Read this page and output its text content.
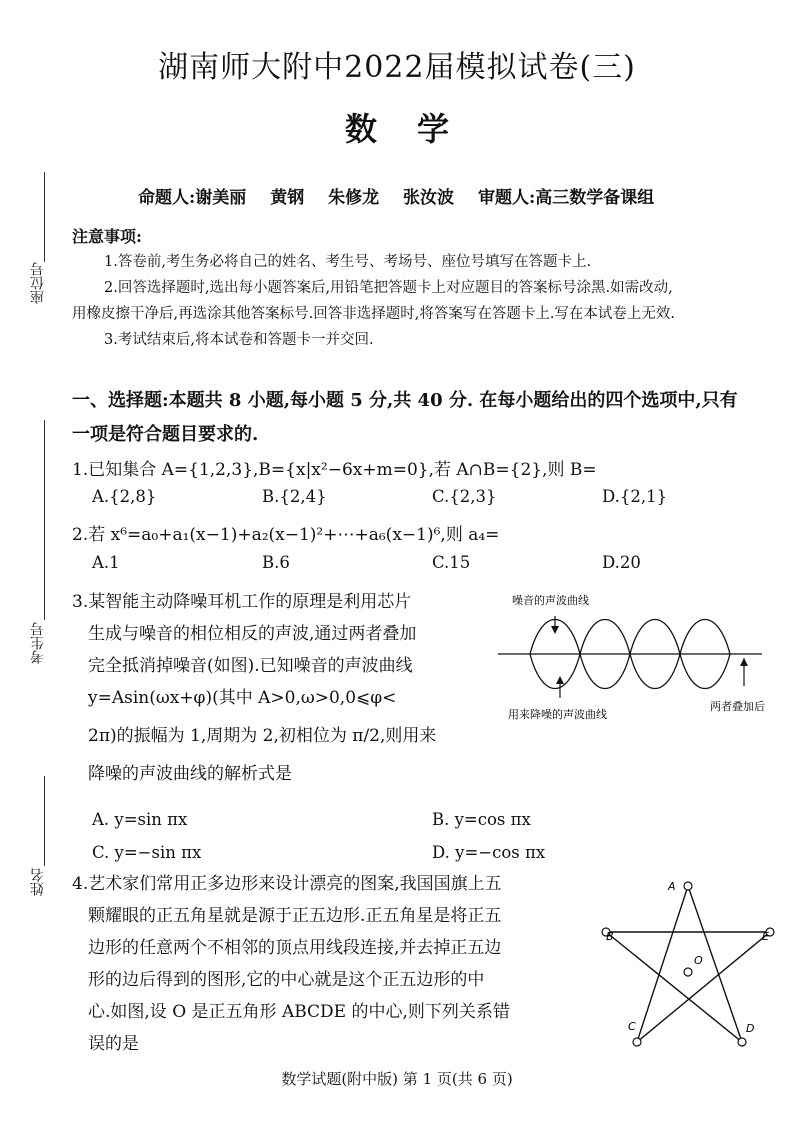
座位号
考生号
姓名
湖南师大附中2022届模拟试卷(三)
数学
命题人:谢美丽 黄钢 朱修龙 张汝波 审题人:高三数学备课组
注意事项:
1.答卷前,考生务必将自己的姓名、考生号、考场号、座位号填写在答题卡上.
2.回答选择题时,选出每小题答案后,用铅笔把答题卡上对应题目的答案标号涂黑.如需改动,
用橡皮擦干净后,再选涂其他答案标号.回答非选择题时,将答案写在答题卡上.写在本试卷上无效.
3.考试结束后,将本试卷和答题卡一并交回.
一、选择题:本题共 8 小题,每小题 5 分,共 40 分. 在每小题给出的四个选项中,只有
一项是符合题目要求的.
1.已知集合 A={1,2,3},B={x|x²−6x+m=0},若 A∩B={2},则 B=
A.{2,8}	B.{2,4}	C.{2,3}	D.{2,1}
2.若 x⁶=a₀+a₁(x−1)+a₂(x−1)²+⋯+a₆(x−1)⁶,则 a₄=
A.1	B.6	C.15	D.20
3.某智能主动降噪耳机工作的原理是利用芯片
生成与噪音的相位相反的声波,通过两者叠加
完全抵消掉噪音(如图).已知噪音的声波曲线
y=Asin(ωx+φ)(其中 A>0,ω>0,0⩽φ<
2π)的振幅为 1,周期为 2,初相位为 π/2,则用来
降噪的声波曲线的解析式是
噪音的声波曲线
用来降噪的声波曲线
两者叠加后
A. y=sin πx	B. y=cos πx
C. y=−sin πx	D. y=−cos πx
4.艺术家们常用正多边形来设计漂亮的图案,我国国旗上五
颗耀眼的正五角星就是源于正五边形.正五角星是将正五
边形的任意两个不相邻的顶点用线段连接,并去掉正五边
形的边后得到的图形,它的中心就是这个正五边形的中
心.如图,设 O 是正五角形 ABCDE 的中心,则下列关系错
误的是
A
B
C	D
E
O
数学试题(附中版) 第 1 页(共 6 页)
